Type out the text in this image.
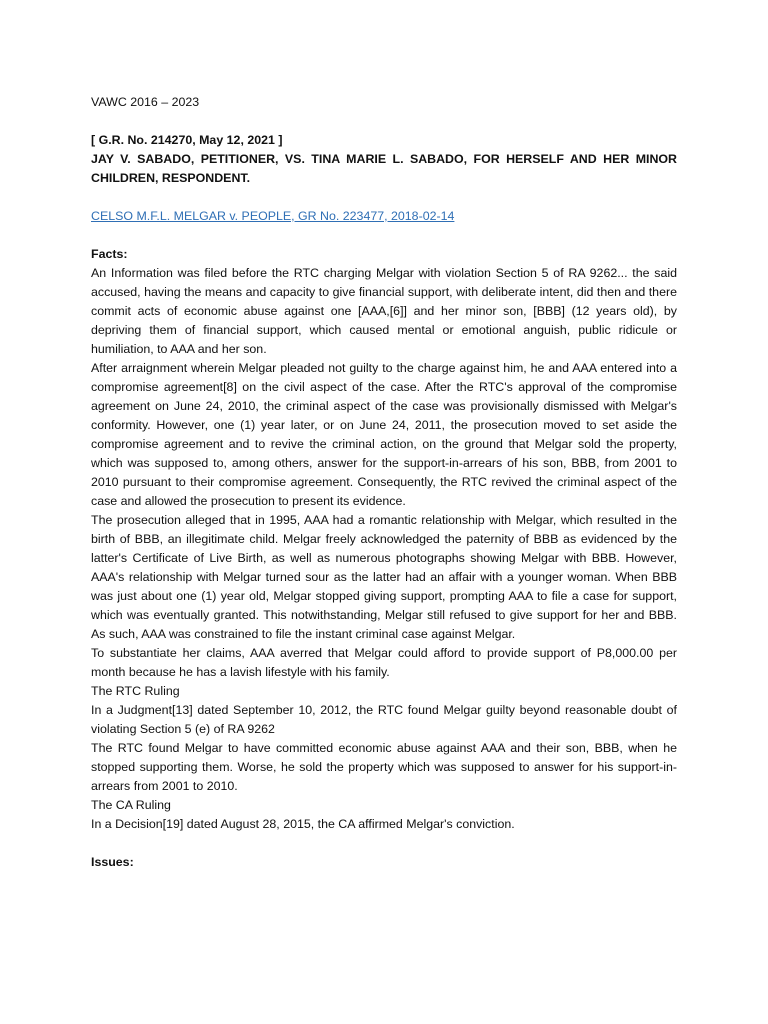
VAWC 2016 – 2023

[ G.R. No. 214270, May 12, 2021 ]

JAY V. SABADO, PETITIONER, VS. TINA MARIE L. SABADO, FOR HERSELF AND HER MINOR CHILDREN, RESPONDENT.

CELSO M.F.L. MELGAR v. PEOPLE, GR No. 223477, 2018-02-14

Facts:

An Information was filed before the RTC charging Melgar with violation Section 5 of RA 9262... the said accused, having the means and capacity to give financial support, with deliberate intent, did then and there commit acts of economic abuse against one [AAA,[6]] and her minor son, [BBB] (12 years old), by depriving them of financial support, which caused mental or emotional anguish, public ridicule or humiliation, to AAA and her son.

After arraignment wherein Melgar pleaded not guilty to the charge against him, he and AAA entered into a compromise agreement[8] on the civil aspect of the case. After the RTC's approval of the compromise agreement on June 24, 2010, the criminal aspect of the case was provisionally dismissed with Melgar's conformity. However, one (1) year later, or on June 24, 2011, the prosecution moved to set aside the compromise agreement and to revive the criminal action, on the ground that Melgar sold the property, which was supposed to, among others, answer for the support-in-arrears of his son, BBB, from 2001 to 2010 pursuant to their compromise agreement. Consequently, the RTC revived the criminal aspect of the case and allowed the prosecution to present its evidence.

The prosecution alleged that in 1995, AAA had a romantic relationship with Melgar, which resulted in the birth of BBB, an illegitimate child. Melgar freely acknowledged the paternity of BBB as evidenced by the latter's Certificate of Live Birth, as well as numerous photographs showing Melgar with BBB. However, AAA's relationship with Melgar turned sour as the latter had an affair with a younger woman. When BBB was just about one (1) year old, Melgar stopped giving support, prompting AAA to file a case for support, which was eventually granted. This notwithstanding, Melgar still refused to give support for her and BBB. As such, AAA was constrained to file the instant criminal case against Melgar.

To substantiate her claims, AAA averred that Melgar could afford to provide support of P8,000.00 per month because he has a lavish lifestyle with his family.

The RTC Ruling

In a Judgment[13] dated September 10, 2012, the RTC found Melgar guilty beyond reasonable doubt of violating Section 5 (e) of RA 9262

The RTC found Melgar to have committed economic abuse against AAA and their son, BBB, when he stopped supporting them. Worse, he sold the property which was supposed to answer for his support-in-arrears from 2001 to 2010.

The CA Ruling

In a Decision[19] dated August 28, 2015, the CA affirmed Melgar's conviction.

Issues:
